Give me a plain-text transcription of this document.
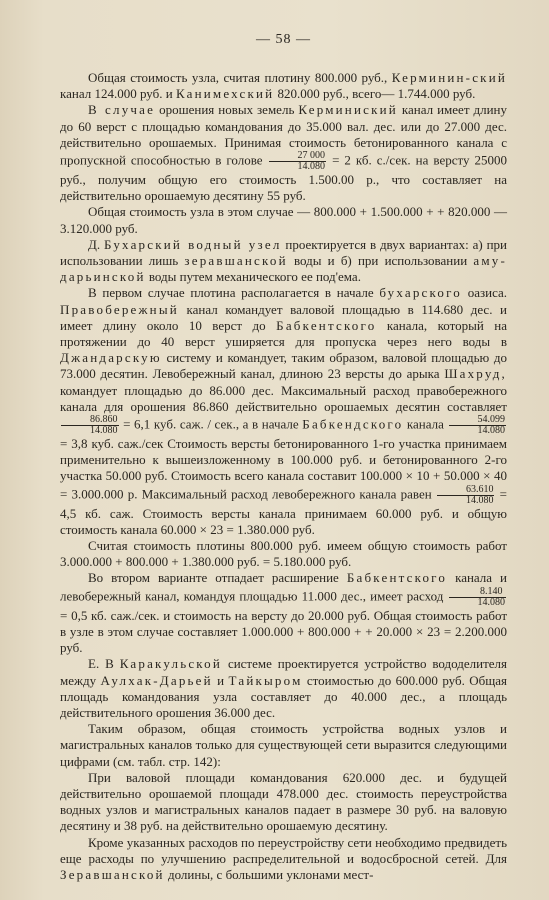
— 58 —

Общая стоимость узла, считая плотину 800.000 руб., Керминин-ский канал 124.000 руб. и Канимехский 820.000 руб., всего— 1.744.000 руб.

В случае орошения новых земель Керминиский канал имеет длину до 60 верст с площадью командования до 35.000 вал. дес. или до 27.000 дес. действительно орошаемых. Принимая стоимость бетонированного канала с пропускной способностью в голове $\frac{27 000}{14.080} = 2$ кб. с./сек. на версту 25000 руб., получим общую его стоимость 1.500.00 р., что составляет на действительно орошаемую десятину 55 руб.

Общая стоимость узла в этом случае — 800.000 + 1.500.000 + + 820.000 — 3.120.000 руб.

Д. Бухарский водный узел проектируется в двух вариантах: а) при использовании лишь зеравшанской воды и б) при использовании аму-дарьинской воды путем механического ее под'ема.

В первом случае плотина располагается в начале бухарского оазиса. Правобережный канал командует валовой площадью в 114.680 дес. и имеет длину около 10 верст до Бабкентского канала, который на протяжении до 40 верст уширяется для пропуска через него воды в Джандарскую систему и командует, таким образом, валовой площадью до 73.000 десятин. Левобережный канал, длиною 23 версты до арыка Шахруд, командует площадью до 86.000 дес. Максимальный расход правобережного канала для орошения 86.860 действительно орошаемых десятин составляет
$\frac{86.860}{14.080} = 6,1$ куб. саж. / сек., а в начале Бабкендского канала $\frac{54.099}{14.080}$
= 3,8 куб. саж./сек Стоимость версты бетонированного 1-го участка принимаем применительно к вышеизложенному в 100.000 руб. и бетонированного 2-го участка 50.000 руб. Стоимость всего канала составит 100.000 × 10 + 50.000 × 40 = 3.000.000 р. Максимальный расход левобережного канала равен $\frac{63.610}{14.080} = 4,5$ кб. саж. Стоимость версты канала принимаем 60.000 руб. и общую стоимость канала 60.000 × 23 = 1.380.000 руб.

Считая стоимость плотины 800.000 руб. имеем общую стоимость работ 3.000.000 + 800.000 + 1.380.000 руб. = 5.180.000 руб.

Во втором варианте отпадает расширение Бабкентского канала и левобережный канал, командуя площадью 11.000 дес., имеет расход $\frac{8.140}{14.080}$
= 0,5 кб. саж./сек. и стоимость на версту до 20.000 руб. Общая стоимость работ в узле в этом случае составляет 1.000.000 + 800.000 + + 20.000 × 23 = 2.200.000 руб.

Е. В Каракульской системе проектируется устройство вододелителя между Аулхак-Дарьей и Тайкыром стоимостью до 600.000 руб. Общая площадь командования узла составляет до 40.000 дес., а площадь действительного орошения 36.000 дес.

Таким образом, общая стоимость устройства водных узлов и магистральных каналов только для существующей сети выразится следующими цифрами (см. табл. стр. 142):

При валовой площади командования 620.000 дес. и будущей действительно орошаемой площади 478.000 дес. стоимость переустройства водных узлов и магистральных каналов падает в размере 30 руб. на валовую десятину и 38 руб. на действительно орошаемую десятину.

Кроме указанных расходов по переустройству сети необходимо предвидеть еще расходы по улучшению распределительной и водосбросной сетей. Для Зеравшанской долины, с большими уклонами мест-
